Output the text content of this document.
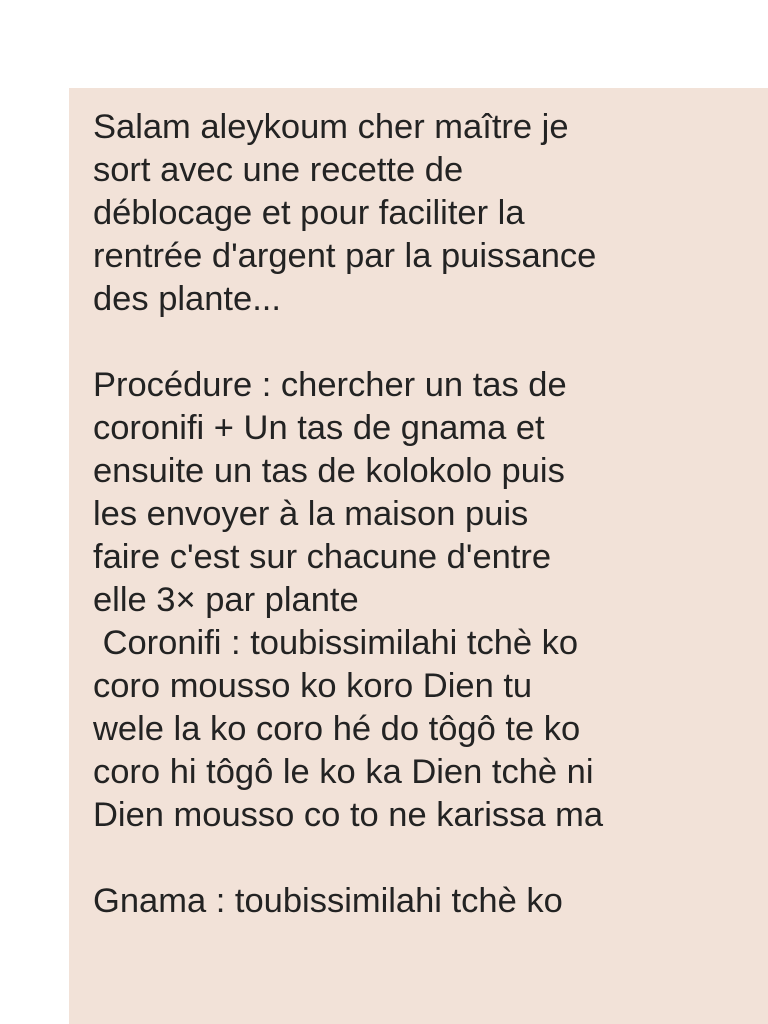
Salam aleykoum cher maître je
sort avec une recette de
déblocage et pour faciliter la
rentrée d'argent par la puissance
des plante...

Procédure : chercher un tas de
coronifi + Un tas de gnama et
ensuite un tas de kolokolo puis
les envoyer à la maison puis
faire c'est sur chacune d'entre
elle 3× par plante
Coronifi : toubissimilahi tchè ko
coro mousso ko koro Dien tu
wele la ko coro hé do tôgô te ko
coro hi tôgô le ko ka Dien tchè ni
Dien mousso co to ne karissa ma

Gnama : toubissimilahi tchè ko
